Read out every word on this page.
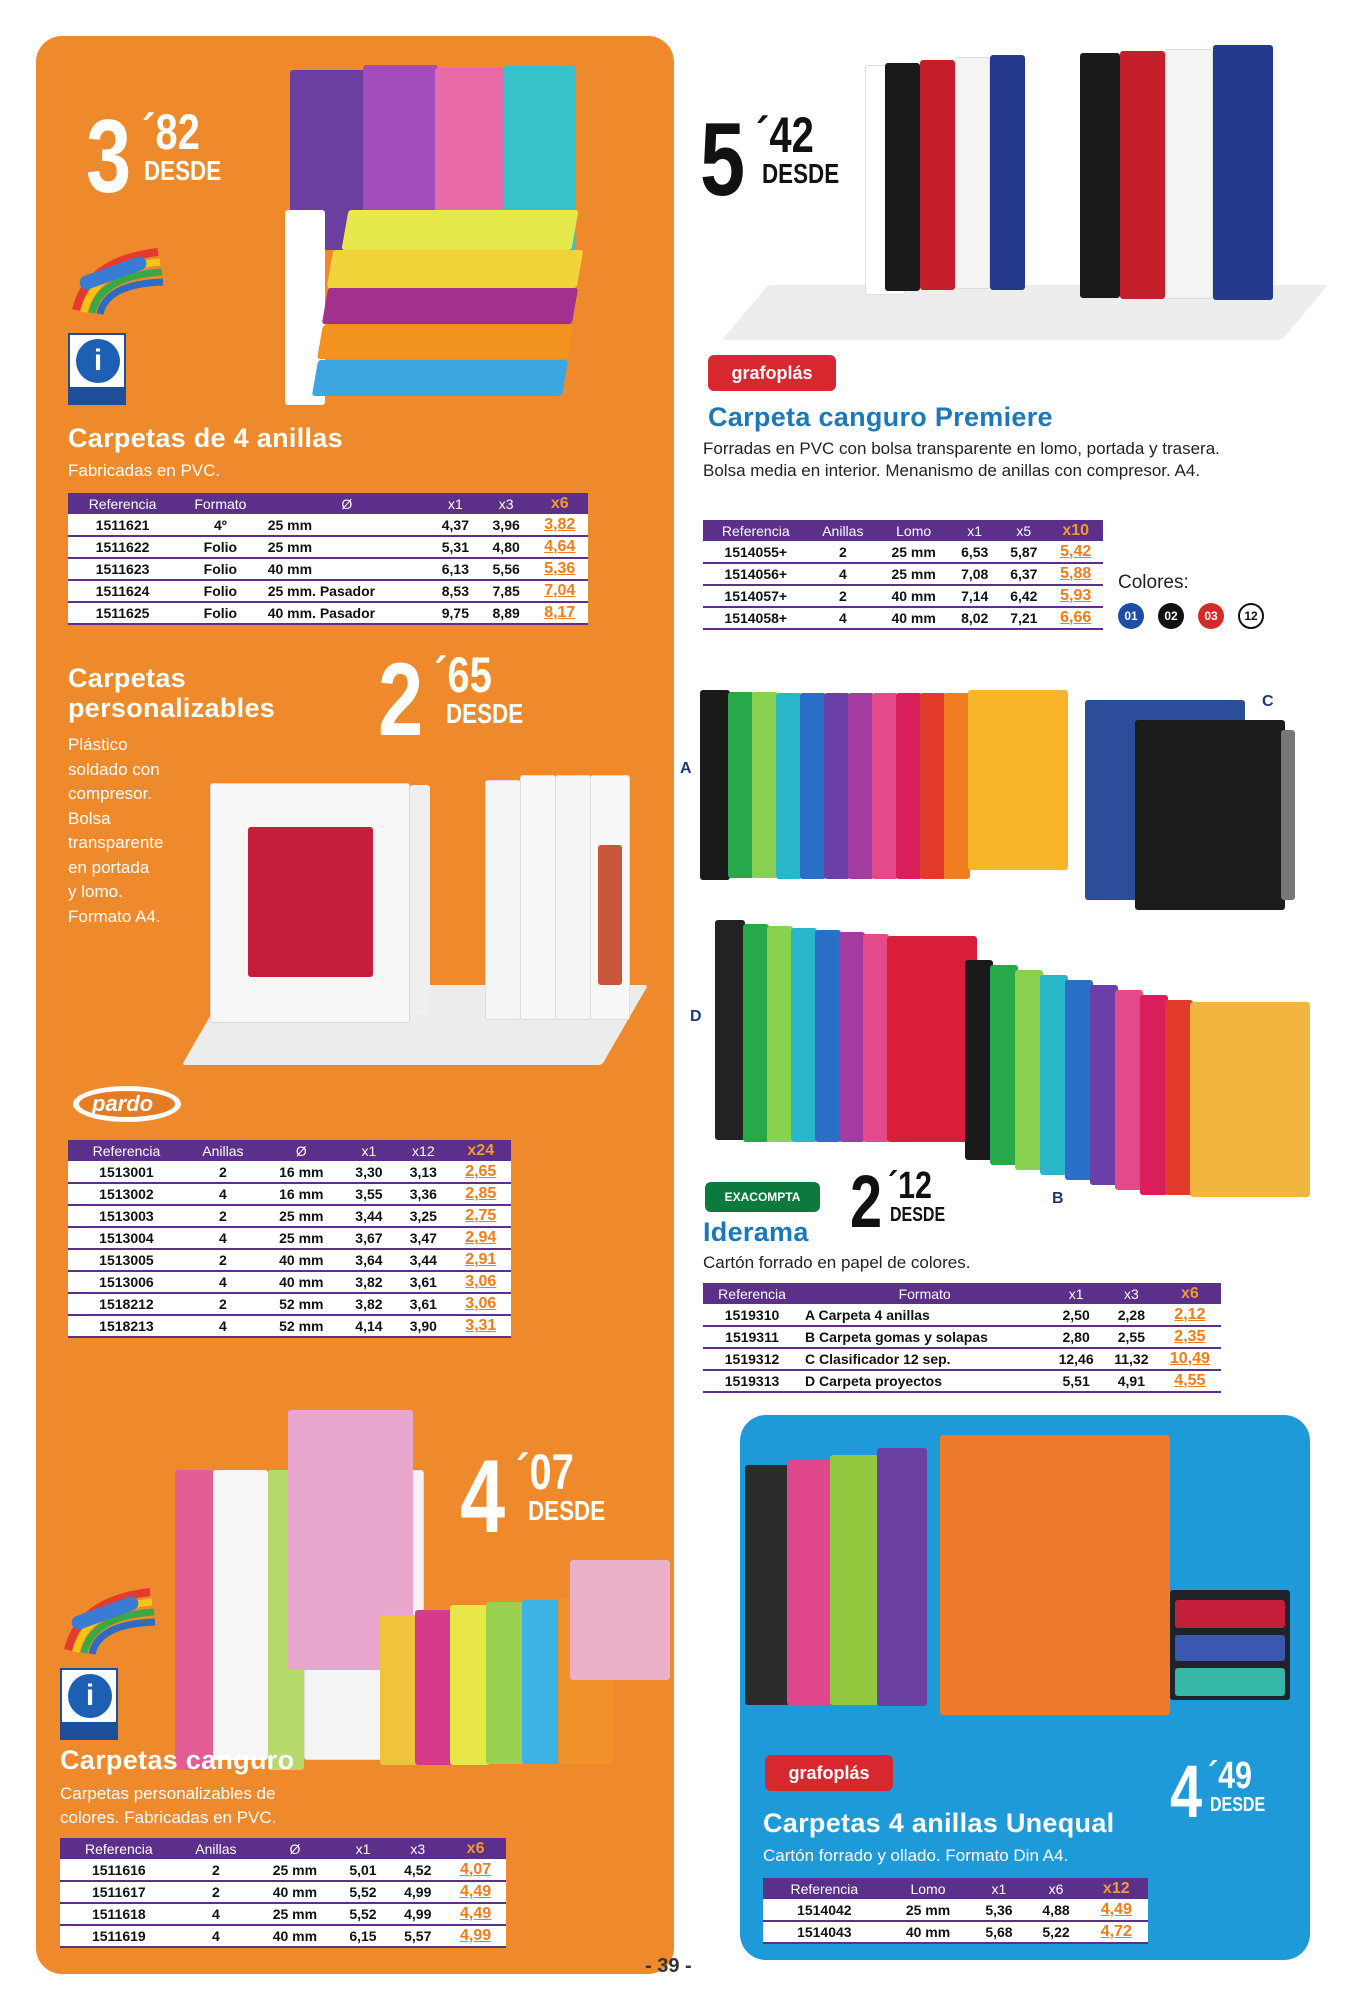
3 ´82
DESDE
i
Carpetas de 4 anillas
Fabricadas en PVC.
Referencia	Formato	Ø	x1	x3	x6
1511621	4º	25 mm	4,37	3,96	3,82
1511622	Folio	25 mm	5,31	4,80	4,64
1511623	Folio	40 mm	6,13	5,56	5,36
1511624	Folio	25 mm. Pasador	8,53	7,85	7,04
1511625	Folio	40 mm. Pasador	9,75	8,89	8,17
Carpetas
personalizables
Plástico
soldado con
compresor.
Bolsa
transparente
en portada
y lomo.
Formato A4.
2 ´65
DESDE
pardo
Referencia	Anillas	Ø	x1	x12	x24
1513001	2	16 mm	3,30	3,13	2,65
1513002	4	16 mm	3,55	3,36	2,85
1513003	2	25 mm	3,44	3,25	2,75
1513004	4	25 mm	3,67	3,47	2,94
1513005	2	40 mm	3,64	3,44	2,91
1513006	4	40 mm	3,82	3,61	3,06
1518212	2	52 mm	3,82	3,61	3,06
1518213	4	52 mm	4,14	3,90	3,31
4 ´07
DESDE
i
Carpetas canguro
Carpetas personalizables de
colores. Fabricadas en PVC.
Referencia	Anillas	Ø	x1	x3	x6
1511616	2	25 mm	5,01	4,52	4,07
1511617	2	40 mm	5,52	4,99	4,49
1511618	4	25 mm	5,52	4,99	4,49
1511619	4	40 mm	6,15	5,57	4,99
5 ´42
DESDE
grafoplás
Carpeta canguro Premiere
Forradas en PVC con bolsa transparente en lomo, portada y trasera. Bolsa media en interior. Menanismo de anillas con compresor. A4.
Referencia	Anillas	Lomo	x1	x5	x10
1514055+	2	25 mm	6,53	5,87	5,42
1514056+	4	25 mm	7,08	6,37	5,88
1514057+	2	40 mm	7,14	6,42	5,93
1514058+	4	40 mm	8,02	7,21	6,66
Colores:
01	02	03	12
A
C
D
B
EXACOMPTA 2 ´12
DESDE
Iderama
Cartón forrado en papel de colores.
Referencia	Formato	x1	x3	x6
1519310	A Carpeta 4 anillas	2,50	2,28	2,12
1519311	B Carpeta gomas y solapas	2,80	2,55	2,35
1519312	C Clasificador 12 sep.	12,46	11,32	10,49
1519313	D Carpeta proyectos	5,51	4,91	4,55
grafoplás	4 ´49
DESDE
Carpetas 4 anillas Unequal
Cartón forrado y ollado. Formato Din A4.
Referencia	Lomo	x1	x6	x12
1514042	25 mm	5,36	4,88	4,49
1514043	40 mm	5,68	5,22	4,72
- 39 -
